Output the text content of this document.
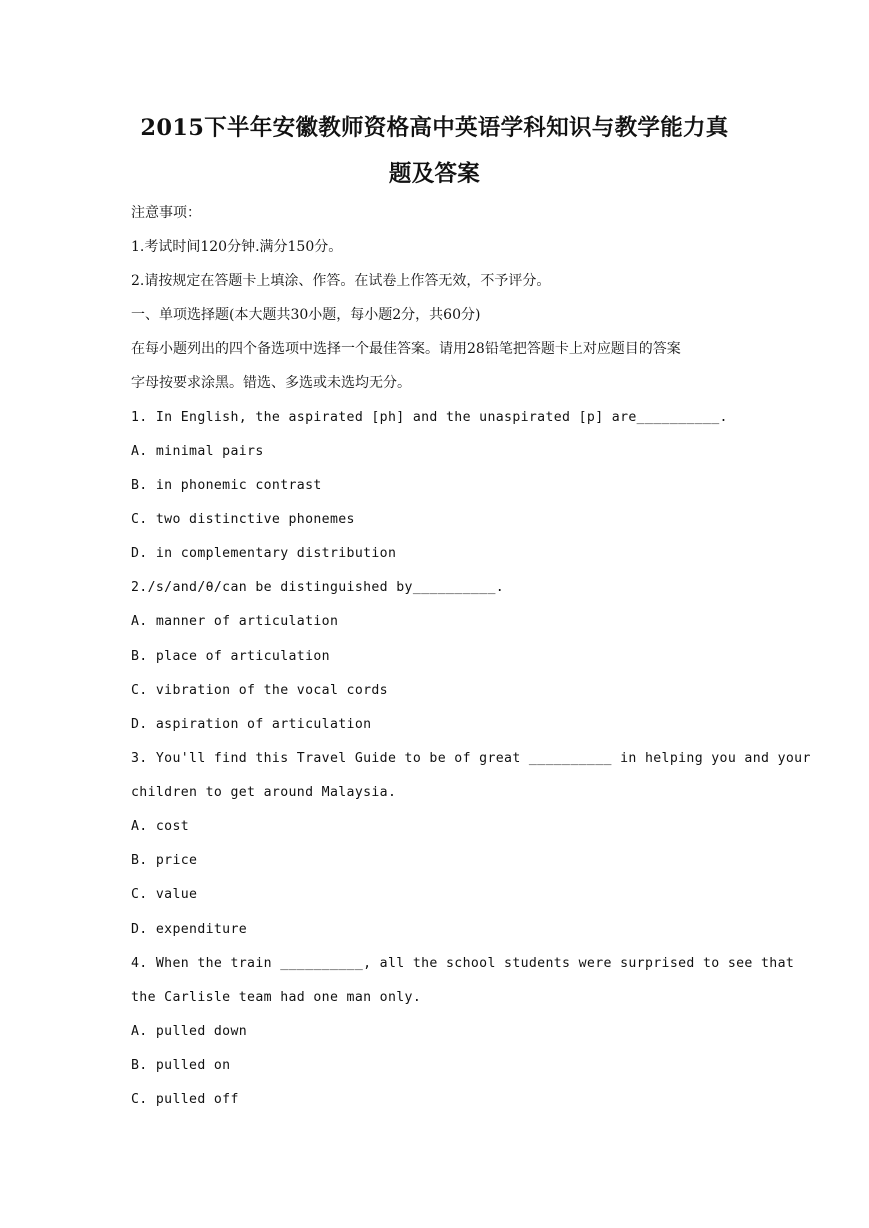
2015下半年安徽教师资格高中英语学科知识与教学能力真
题及答案
注意事项：
1.考试时间120分钟.满分150分。
2.请按规定在答题卡上填涂、作答。在试卷上作答无效，不予评分。
一、单项选择题(本大题共30小题，每小题2分，共60分)
在每小题列出的四个备选项中选择一个最佳答案。请用28铅笔把答题卡上对应题目的答案
字母按要求涂黑。错选、多选或未选均无分。
1. In English, the aspirated [ph] and the unaspirated [p] are__________.
A. minimal pairs
B. in phonemic contrast
C. two distinctive phonemes
D. in complementary distribution
2./s/and/θ/can be distinguished by__________.
A. manner of articulation
B. place of articulation
C. vibration of the vocal cords
D. aspiration of articulation
3. You'll find this Travel Guide to be of great __________ in helping you and your
children to get around Malaysia.
A. cost
B. price
C. value
D. expenditure
4. When the train __________, all the school students were surprised to see that
the Carlisle team had one man only.
A. pulled down
B. pulled on
C. pulled off
